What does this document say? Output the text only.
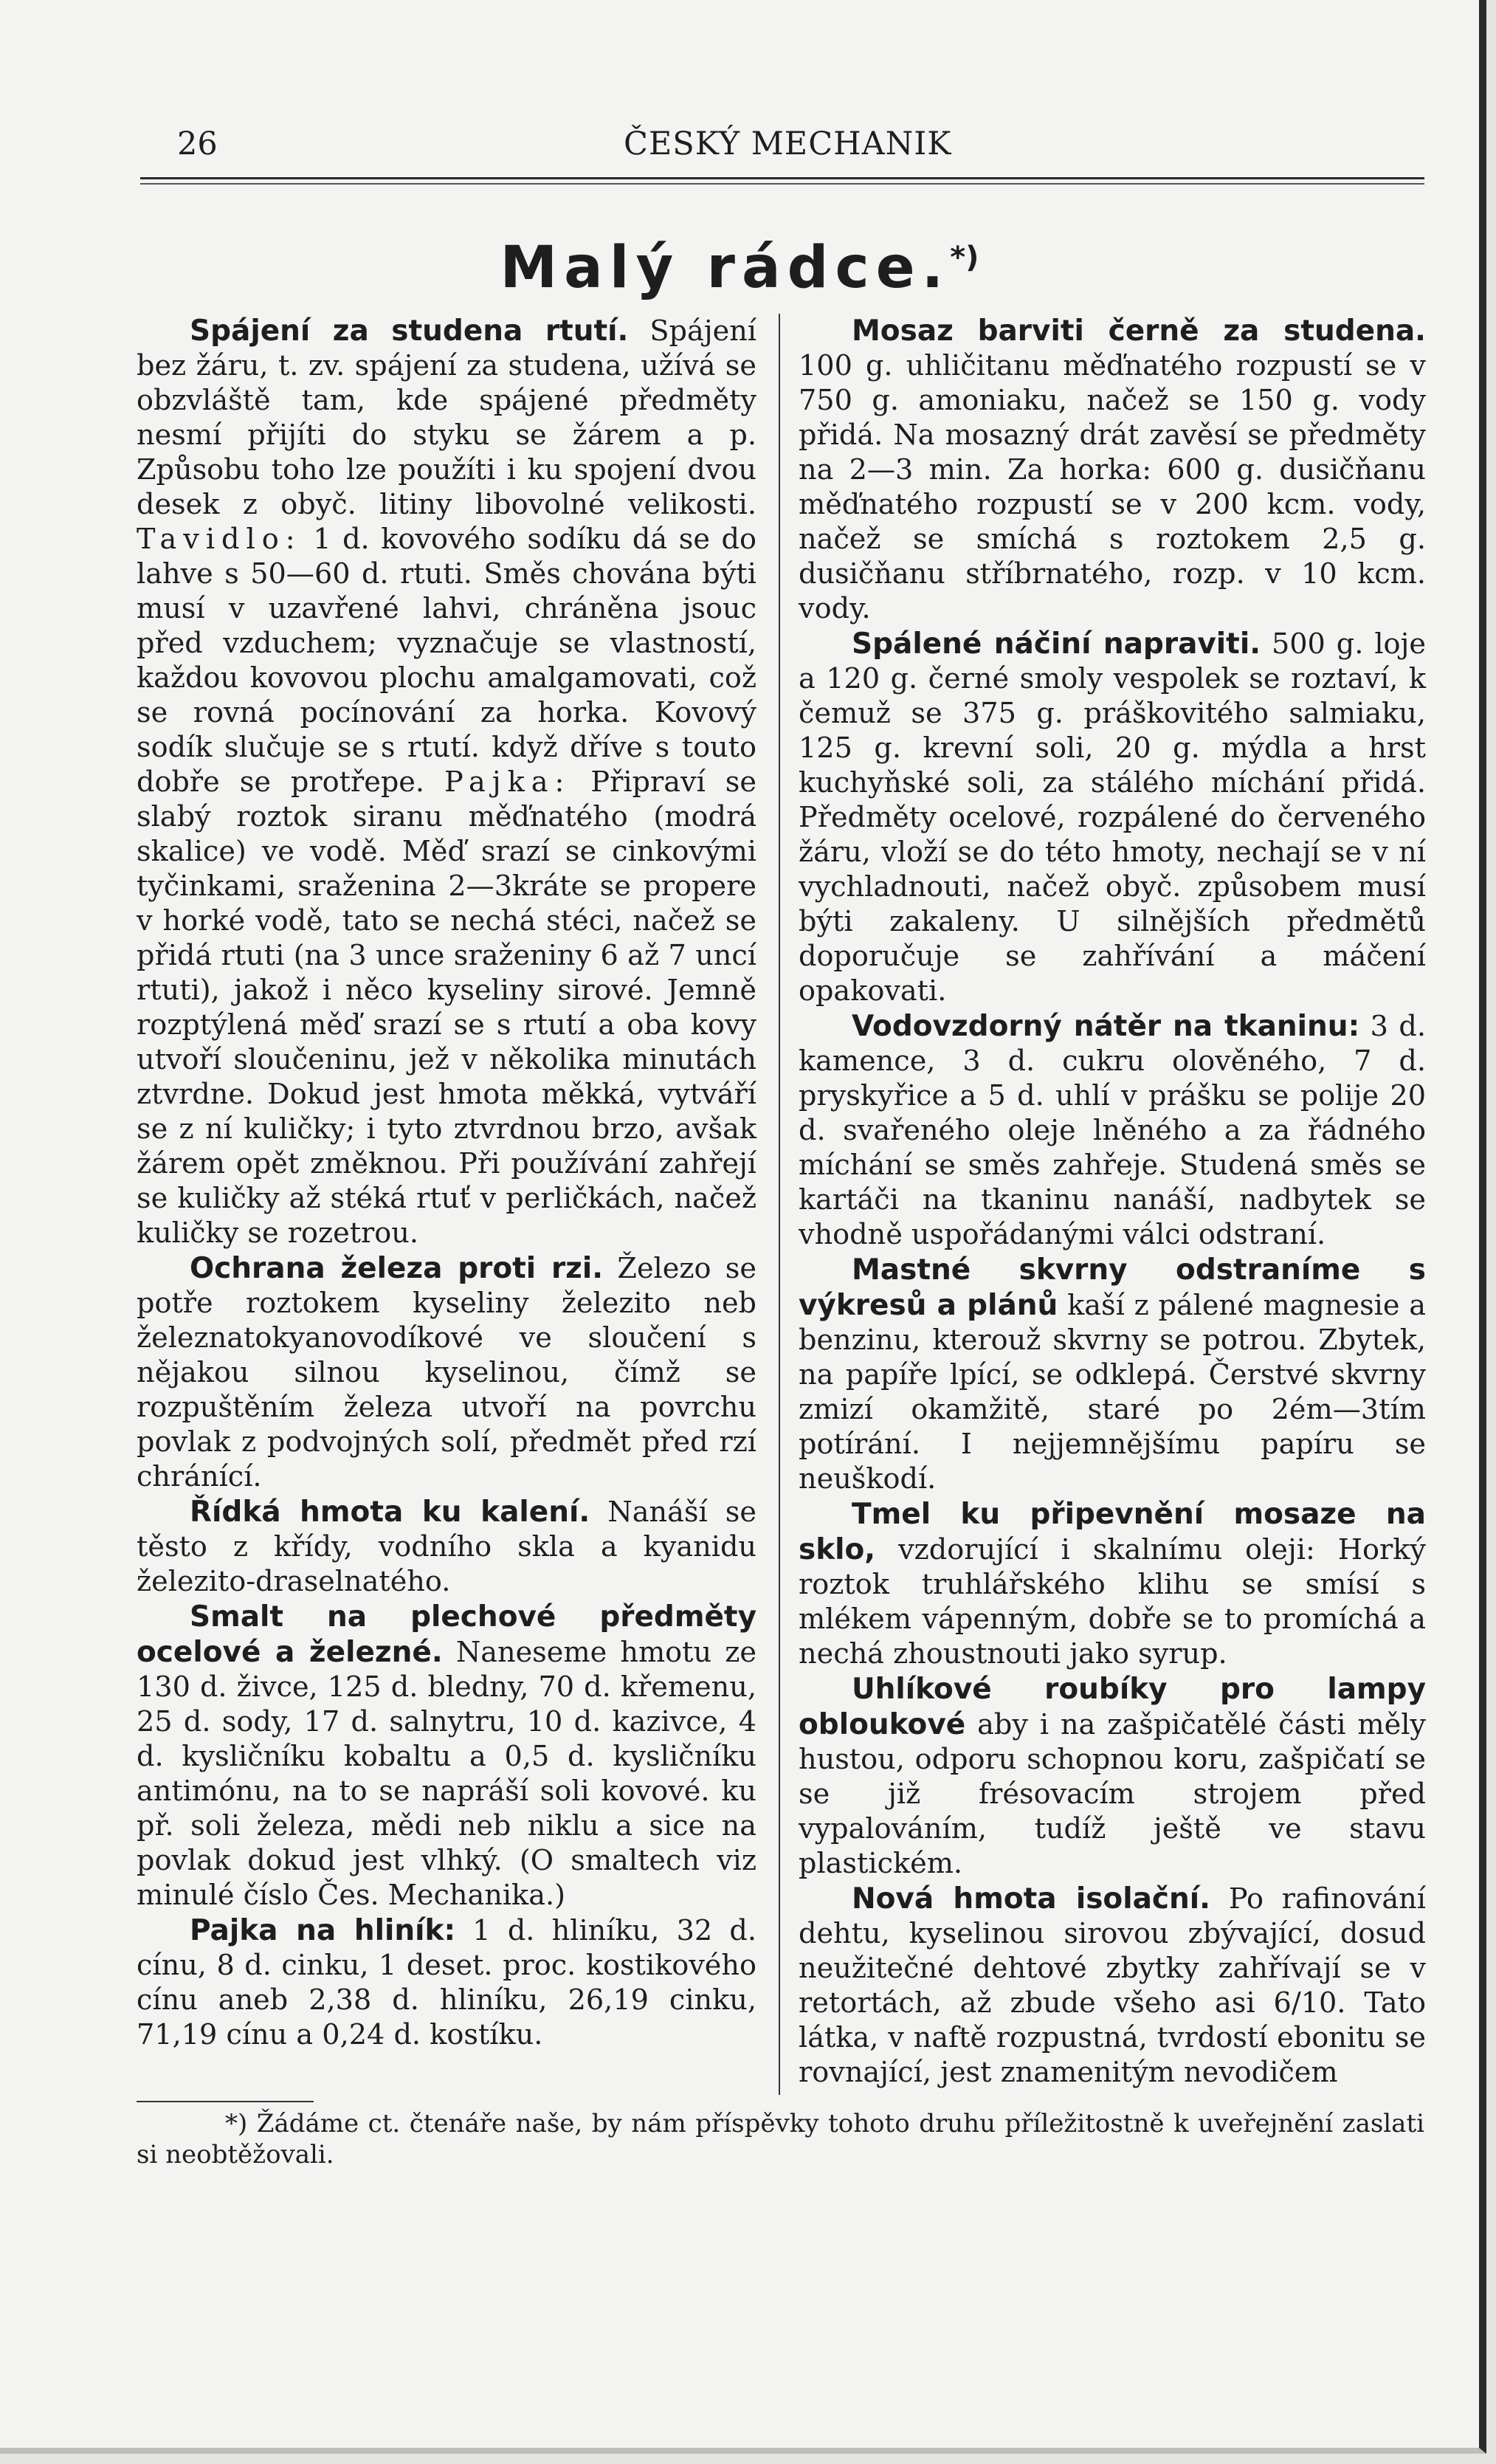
26	ČESKÝ MECHANIK
Malý rádce.*)

Spájení za studena rtutí. Spájení bez žáru, t. zv. spájení za studena, užívá se obzvláště tam, kde spájené předměty nesmí přijíti do styku se žárem a p. Způsobu toho lze použíti i ku spojení dvou desek z obyč. litiny libovolné velikosti. Tavidlo: 1 d. kovového sodíku dá se do lahve s 50—60 d. rtuti. Směs chována býti musí v uzavřené lahvi, chráněna jsouc před vzduchem; vyznačuje se vlastností, každou kovovou plochu amalgamovati, což se rovná pocínování za horka. Kovový sodík slučuje se s rtutí. když dříve s touto dobře se protřepe. Pajka: Připraví se slabý roztok siranu měďnatého (modrá skalice) ve vodě. Měď srazí se cinkovými tyčinkami, sraženina 2—3kráte se propere v horké vodě, tato se nechá stéci, načež se přidá rtuti (na 3 unce sraženiny 6 až 7 uncí rtuti), jakož i něco kyseliny sirové. Jemně rozptýlená měď srazí se s rtutí a oba kovy utvoří sloučeninu, jež v několika minutách ztvrdne. Dokud jest hmota měkká, vytváří se z ní kuličky; i tyto ztvrdnou brzo, avšak žárem opět změknou. Při používání zahřejí se kuličky až stéká rtuť v perličkách, načež kuličky se rozetrou.

Ochrana železa proti rzi. Železo se potře roztokem kyseliny železito neb železnatokyanovodíkové ve sloučení s nějakou silnou kyselinou, čímž se rozpuštěním železa utvoří na povrchu povlak z podvojných solí, předmět před rzí chránící.

Řídká hmota ku kalení. Nanáší se těsto z křídy, vodního skla a kyanidu železito-draselnatého.

Smalt na plechové předměty ocelové a železné. Naneseme hmotu ze 130 d. živce, 125 d. bledny, 70 d. křemenu, 25 d. sody, 17 d. salnytru, 10 d. kazivce, 4 d. kysličníku kobaltu a 0,5 d. kysličníku antimónu, na to se napráší soli kovové. ku př. soli železa, mědi neb niklu a sice na povlak dokud jest vlhký. (O smaltech viz minulé číslo Čes. Mechanika.)

Pajka na hliník: 1 d. hliníku, 32 d. cínu, 8 d. cinku, 1 deset. proc. kostikového cínu aneb 2,38 d. hliníku, 26,19 cinku, 71,19 cínu a 0,24 d. kostíku.

Mosaz barviti černě za studena. 100 g. uhličitanu měďnatého rozpustí se v 750 g. amoniaku, načež se 150 g. vody přidá. Na mosazný drát zavěsí se předměty na 2—3 min. Za horka: 600 g. dusičňanu měďnatého rozpustí se v 200 kcm. vody, načež se smíchá s roztokem 2,5 g. dusičňanu stříbrnatého, rozp. v 10 kcm. vody.

Spálené náčiní napraviti. 500 g. loje a 120 g. černé smoly vespolek se roztaví, k čemuž se 375 g. práškovitého salmiaku, 125 g. krevní soli, 20 g. mýdla a hrst kuchyňské soli, za stálého míchání přidá. Předměty ocelové, rozpálené do červeného žáru, vloží se do této hmoty, nechají se v ní vychladnouti, načež obyč. způsobem musí býti zakaleny. U silnějších předmětů doporučuje se zahřívání a máčení opakovati.

Vodovzdorný nátěr na tkaninu: 3 d. kamence, 3 d. cukru olověného, 7 d. pryskyřice a 5 d. uhlí v prášku se polije 20 d. svařeného oleje lněného a za řádného míchání se směs zahřeje. Studená směs se kartáči na tkaninu nanáší, nadbytek se vhodně uspořádanými válci odstraní.

Mastné skvrny odstraníme s výkresů a plánů kaší z pálené magnesie a benzinu, kterouž skvrny se potrou. Zbytek, na papíře lpící, se odklepá. Čerstvé skvrny zmizí okamžitě, staré po 2ém—3tím potírání. I nejjemnějšímu papíru se neuškodí.

Tmel ku připevnění mosaze na sklo, vzdorující i skalnímu oleji: Horký roztok truhlářského klihu se smísí s mlékem vápenným, dobře se to promíchá a nechá zhoustnouti jako syrup.

Uhlíkové roubíky pro lampy obloukové aby i na zašpičatělé části měly hustou, odporu schopnou koru, zašpičatí se se již frésovacím strojem před vypalováním, tudíž ještě ve stavu plastickém.

Nová hmota isolační. Po rafinování dehtu, kyselinou sirovou zbývající, dosud neužitečné dehtové zbytky zahřívají se v retortách, až zbude všeho asi 6/10. Tato látka, v naftě rozpustná, tvrdostí ebonitu se rovnající, jest znamenitým nevodičem

*) Žádáme ct. čtenáře naše, by nám příspěvky tohoto druhu příležitostně k uveřejnění zaslati si neobtěžovali.
